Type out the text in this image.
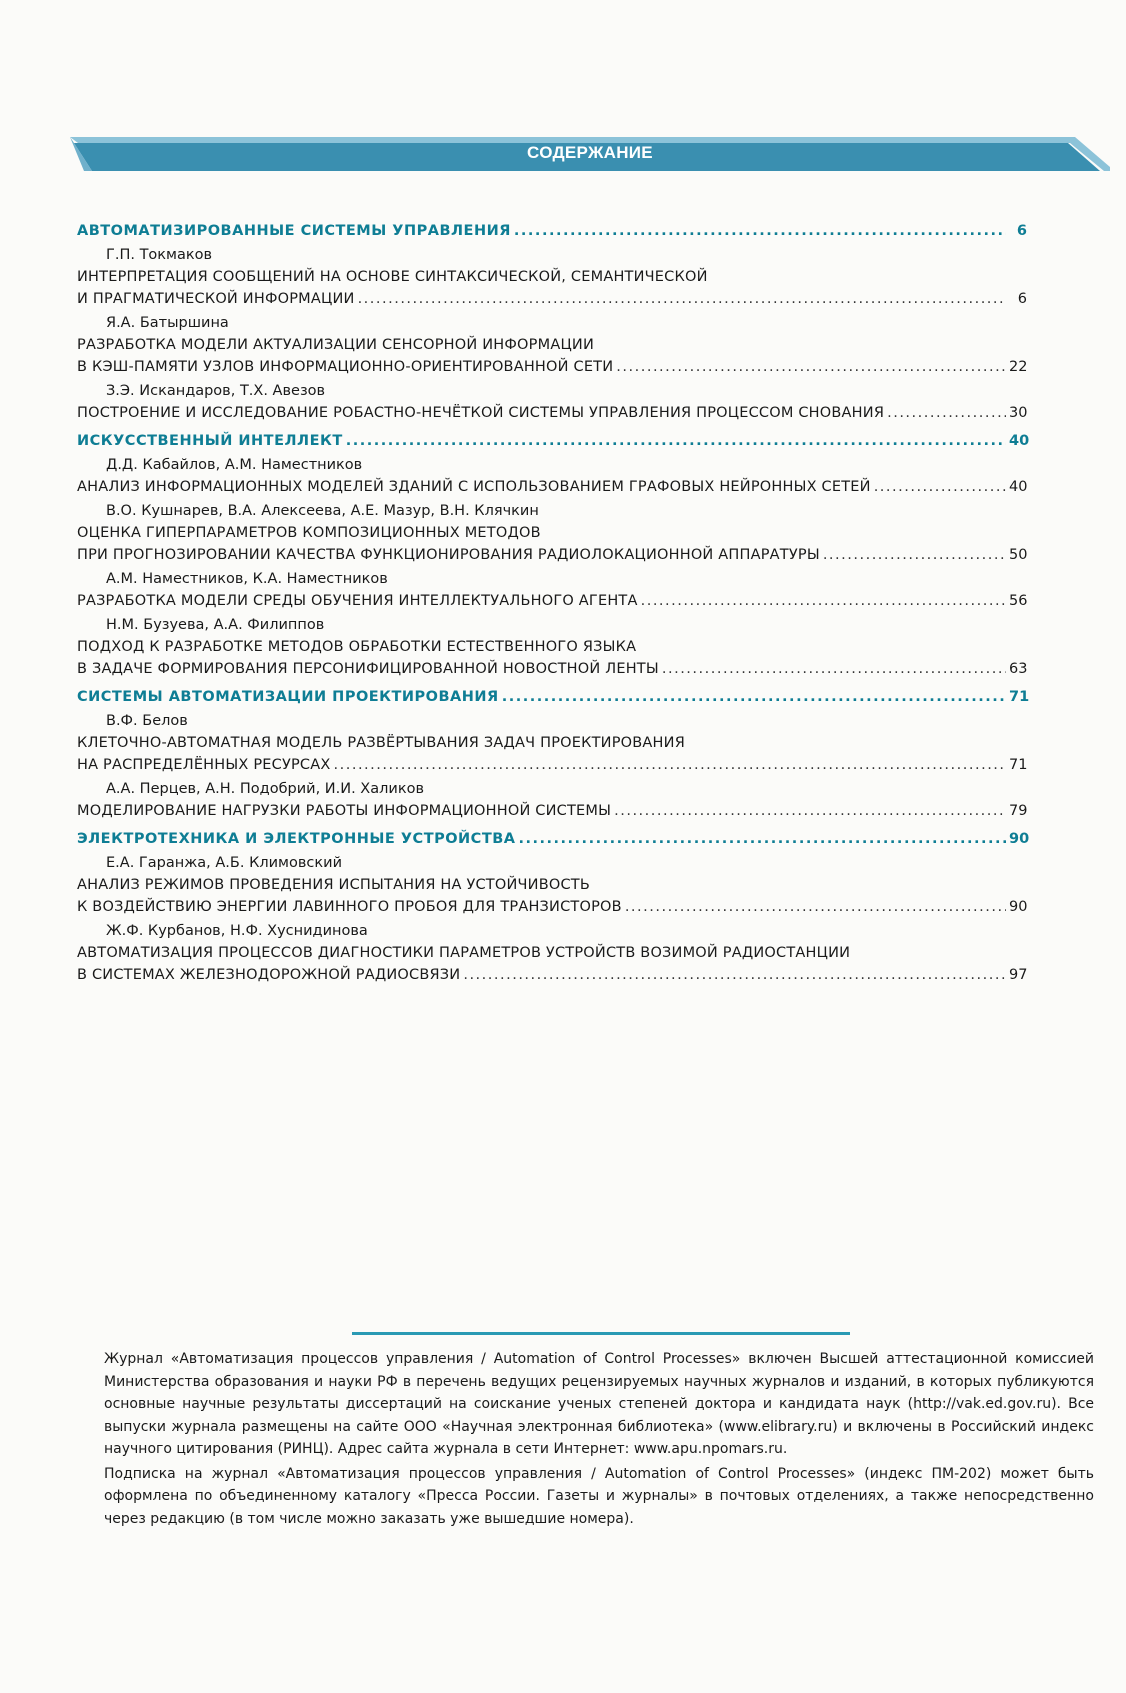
СОДЕРЖАНИЕ
АВТОМАТИЗИРОВАННЫЕ СИСТЕМЫ УПРАВЛЕНИЯ .....	6
Г.П. Токмаков
ИНТЕРПРЕТАЦИЯ СООБЩЕНИЙ НА ОСНОВЕ СИНТАКСИЧЕСКОЙ, СЕМАНТИЧЕСКОЙ
И ПРАГМАТИЧЕСКОЙ ИНФОРМАЦИИ .....	6
Я.А. Батыршина
РАЗРАБОТКА МОДЕЛИ АКТУАЛИЗАЦИИ СЕНСОРНОЙ ИНФОРМАЦИИ
В КЭШ-ПАМЯТИ УЗЛОВ ИНФОРМАЦИОННО-ОРИЕНТИРОВАННОЙ СЕТИ .....	22
З.Э. Искандаров, Т.Х. Авезов
ПОСТРОЕНИЕ И ИССЛЕДОВАНИЕ РОБАСТНО-НЕЧЁТКОЙ СИСТЕМЫ УПРАВЛЕНИЯ ПРОЦЕССОМ СНОВАНИЯ .....	30
ИСКУССТВЕННЫЙ ИНТЕЛЛЕКТ .....	40
Д.Д. Кабайлов, А.М. Наместников
АНАЛИЗ ИНФОРМАЦИОННЫХ МОДЕЛЕЙ ЗДАНИЙ С ИСПОЛЬЗОВАНИЕМ ГРАФОВЫХ НЕЙРОННЫХ СЕТЕЙ .....	40
В.О. Кушнарев, В.А. Алексеева, А.Е. Мазур, В.Н. Клячкин
ОЦЕНКА ГИПЕРПАРАМЕТРОВ КОМПОЗИЦИОННЫХ МЕТОДОВ
ПРИ ПРОГНОЗИРОВАНИИ КАЧЕСТВА ФУНКЦИОНИРОВАНИЯ РАДИОЛОКАЦИОННОЙ АППАРАТУРЫ .....	50
А.М. Наместников, К.А. Наместников
РАЗРАБОТКА МОДЕЛИ СРЕДЫ ОБУЧЕНИЯ ИНТЕЛЛЕКТУАЛЬНОГО АГЕНТА .....	56
Н.М. Бузуева, А.А. Филиппов
ПОДХОД К РАЗРАБОТКЕ МЕТОДОВ ОБРАБОТКИ ЕСТЕСТВЕННОГО ЯЗЫКА
В ЗАДАЧЕ ФОРМИРОВАНИЯ ПЕРСОНИФИЦИРОВАННОЙ НОВОСТНОЙ ЛЕНТЫ .....	63
СИСТЕМЫ АВТОМАТИЗАЦИИ ПРОЕКТИРОВАНИЯ .....	71
В.Ф. Белов
КЛЕТОЧНО-АВТОМАТНАЯ МОДЕЛЬ РАЗВЁРТЫВАНИЯ ЗАДАЧ ПРОЕКТИРОВАНИЯ
НА РАСПРЕДЕЛЁННЫХ РЕСУРСАХ .....	71
А.А. Перцев, А.Н. Подобрий, И.И. Халиков
МОДЕЛИРОВАНИЕ НАГРУЗКИ РАБОТЫ ИНФОРМАЦИОННОЙ СИСТЕМЫ .....	79
ЭЛЕКТРОТЕХНИКА И ЭЛЕКТРОННЫЕ УСТРОЙСТВА .....	90
Е.А. Гаранжа, А.Б. Климовский
АНАЛИЗ РЕЖИМОВ ПРОВЕДЕНИЯ ИСПЫТАНИЯ НА УСТОЙЧИВОСТЬ
К ВОЗДЕЙСТВИЮ ЭНЕРГИИ ЛАВИННОГО ПРОБОЯ ДЛЯ ТРАНЗИСТОРОВ .....	90
Ж.Ф. Курбанов, Н.Ф. Хуснидинова
АВТОМАТИЗАЦИЯ ПРОЦЕССОВ ДИАГНОСТИКИ ПАРАМЕТРОВ УСТРОЙСТВ ВОЗИМОЙ РАДИОСТАНЦИИ
В СИСТЕМАХ ЖЕЛЕЗНОДОРОЖНОЙ РАДИОСВЯЗИ .....	97

Журнал «Автоматизация процессов управления / Automation of Control Processes» включен Высшей аттестационной комиссией Министерства образования и науки РФ в перечень ведущих рецензируемых научных журналов и изданий, в которых публикуются основные научные результаты диссертаций на соискание ученых степеней доктора и кандидата наук (http://vak.ed.gov.ru). Все выпуски журнала размещены на сайте ООО «Научная электронная библиотека» (www.elibrary.ru) и включены в Российский индекс научного цитирования (РИНЦ). Адрес сайта журнала в сети Интернет: www.apu.npomars.ru.

Подписка на журнал «Автоматизация процессов управления / Automation of Control Processes» (индекс ПМ-202) может быть оформлена по объединенному каталогу «Пресса России. Газеты и журналы» в почтовых отделениях, а также непосредственно через редакцию (в том числе можно заказать уже вышедшие номера).
